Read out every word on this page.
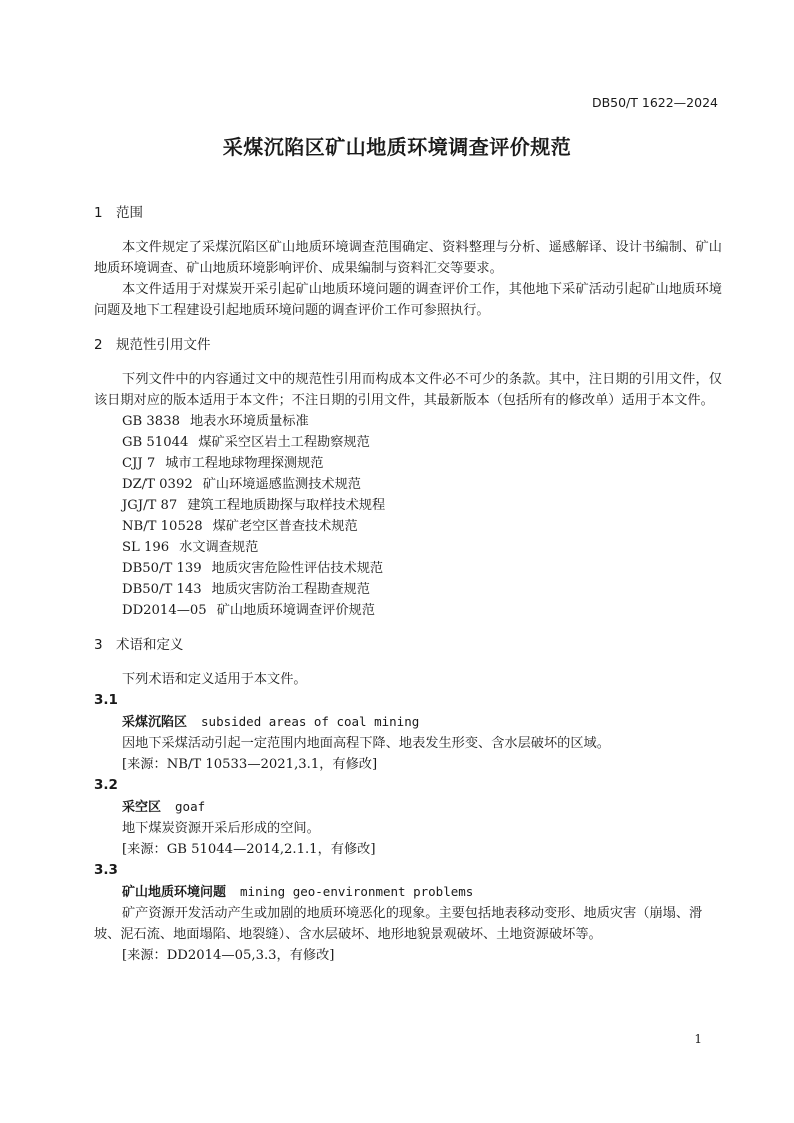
DB50/T 1622—2024
采煤沉陷区矿山地质环境调查评价规范
1 范围

本文件规定了采煤沉陷区矿山地质环境调查范围确定、资料整理与分析、遥感解译、设计书编制、矿山地质环境调查、矿山地质环境影响评价、成果编制与资料汇交等要求。

本文件适用于对煤炭开采引起矿山地质环境问题的调查评价工作，其他地下采矿活动引起矿山地质环境问题及地下工程建设引起地质环境问题的调查评价工作可参照执行。

2 规范性引用文件

下列文件中的内容通过文中的规范性引用而构成本文件必不可少的条款。其中，注日期的引用文件，仅该日期对应的版本适用于本文件；不注日期的引用文件，其最新版本（包括所有的修改单）适用于本文件。

GB 3838 地表水环境质量标准
GB 51044 煤矿采空区岩土工程勘察规范
CJJ 7 城市工程地球物理探测规范
DZ/T 0392 矿山环境遥感监测技术规范
JGJ/T 87 建筑工程地质勘探与取样技术规程
NB/T 10528 煤矿老空区普查技术规范
SL 196 水文调查规范
DB50/T 139 地质灾害危险性评估技术规范
DB50/T 143 地质灾害防治工程勘查规范
DD2014—05 矿山地质环境调查评价规范
3 术语和定义

下列术语和定义适用于本文件。

3.1

采煤沉陷区 subsided areas of coal mining

因地下采煤活动引起一定范围内地面高程下降、地表发生形变、含水层破坏的区域。

[来源：NB/T 10533—2021,3.1，有修改]

3.2

采空区 goaf

地下煤炭资源开采后形成的空间。

[来源：GB 51044—2014,2.1.1，有修改]

3.3

矿山地质环境问题 mining geo-environment problems

矿产资源开发活动产生或加剧的地质环境恶化的现象。主要包括地表移动变形、地质灾害（崩塌、滑坡、泥石流、地面塌陷、地裂缝）、含水层破坏、地形地貌景观破坏、土地资源破坏等。

[来源：DD2014—05,3.3，有修改]

1
